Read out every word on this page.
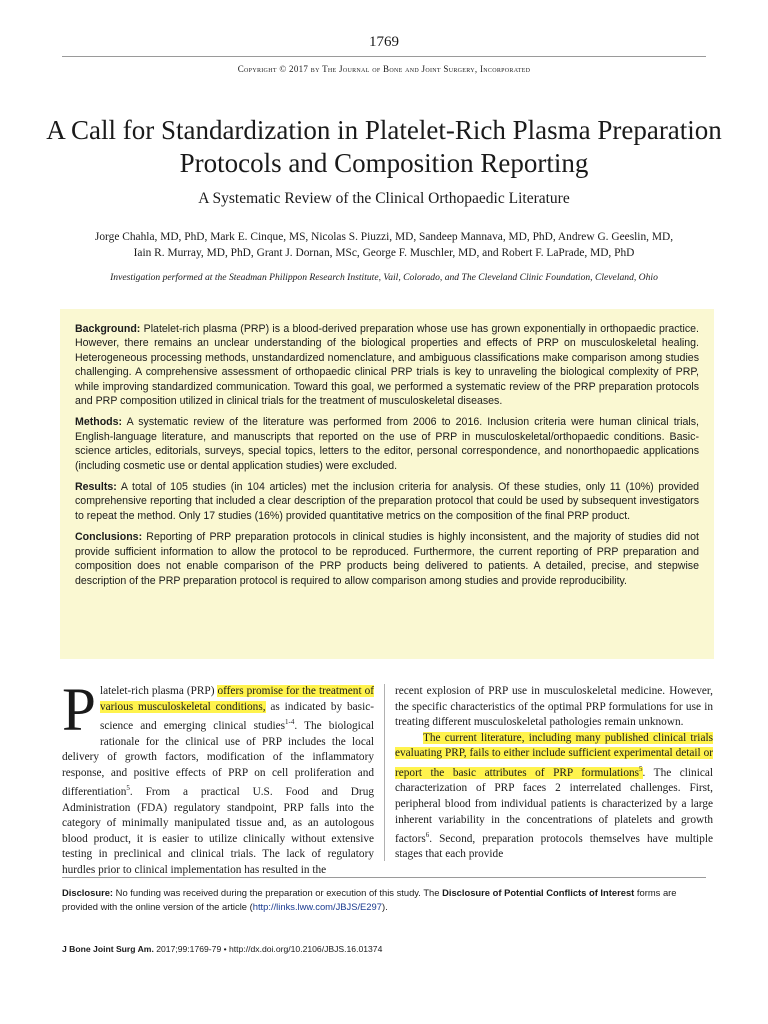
1769
Copyright © 2017 by The Journal of Bone and Joint Surgery, Incorporated
A Call for Standardization in Platelet-Rich Plasma Preparation Protocols and Composition Reporting
A Systematic Review of the Clinical Orthopaedic Literature
Jorge Chahla, MD, PhD, Mark E. Cinque, MS, Nicolas S. Piuzzi, MD, Sandeep Mannava, MD, PhD, Andrew G. Geeslin, MD,
Iain R. Murray, MD, PhD, Grant J. Dornan, MSc, George F. Muschler, MD, and Robert F. LaPrade, MD, PhD
Investigation performed at the Steadman Philippon Research Institute, Vail, Colorado, and The Cleveland Clinic Foundation, Cleveland, Ohio

Background: Platelet-rich plasma (PRP) is a blood-derived preparation whose use has grown exponentially in orthopaedic practice. However, there remains an unclear understanding of the biological properties and effects of PRP on musculoskeletal healing. Heterogeneous processing methods, unstandardized nomenclature, and ambiguous classifications make comparison among studies challenging. A comprehensive assessment of orthopaedic clinical PRP trials is key to unraveling the biological complexity of PRP, while improving standardized communication. Toward this goal, we performed a systematic review of the PRP preparation protocols and PRP composition utilized in clinical trials for the treatment of musculoskeletal diseases.

Methods: A systematic review of the literature was performed from 2006 to 2016. Inclusion criteria were human clinical trials, English-language literature, and manuscripts that reported on the use of PRP in musculoskeletal/orthopaedic conditions. Basic-science articles, editorials, surveys, special topics, letters to the editor, personal correspondence, and nonorthopaedic applications (including cosmetic use or dental application studies) were excluded.

Results: A total of 105 studies (in 104 articles) met the inclusion criteria for analysis. Of these studies, only 11 (10%) provided comprehensive reporting that included a clear description of the preparation protocol that could be used by subsequent investigators to repeat the method. Only 17 studies (16%) provided quantitative metrics on the composition of the final PRP product.

Conclusions: Reporting of PRP preparation protocols in clinical studies is highly inconsistent, and the majority of studies did not provide sufficient information to allow the protocol to be reproduced. Furthermore, the current reporting of PRP preparation and composition does not enable comparison of the PRP products being delivered to patients. A detailed, precise, and stepwise description of the PRP preparation protocol is required to allow comparison among studies and provide reproducibility.

Platelet-rich plasma (PRP) offers promise for the treatment of various musculoskeletal conditions, as indicated by basic-science and emerging clinical studies$^{1-4}$. The biological rationale for the clinical use of PRP includes the local delivery of growth factors, modification of the inflammatory response, and positive effects of PRP on cell proliferation and differentiation$^5$. From a practical U.S. Food and Drug Administration (FDA) regulatory standpoint, PRP falls into the category of minimally manipulated tissue and, as an autologous blood product, it is easier to utilize clinically without extensive testing in preclinical and clinical trials. The lack of regulatory hurdles prior to clinical implementation has resulted in the
recent explosion of PRP use in musculoskeletal medicine. However, the specific characteristics of the optimal PRP formulations for use in treating different musculoskeletal pathologies remain unknown.
The current literature, including many published clinical trials evaluating PRP, fails to either include sufficient experimental detail or report the basic attributes of PRP formulations$^5$. The clinical characterization of PRP faces 2 interrelated challenges. First, peripheral blood from individual patients is characterized by a large inherent variability in the concentrations of platelets and growth factors$^6$. Second, preparation protocols themselves have multiple stages that each provide
Disclosure: No funding was received during the preparation or execution of this study. The Disclosure of Potential Conflicts of Interest forms are provided with the online version of the article (http://links.lww.com/JBJS/E297).
J Bone Joint Surg Am. 2017;99:1769-79 • http://dx.doi.org/10.2106/JBJS.16.01374
